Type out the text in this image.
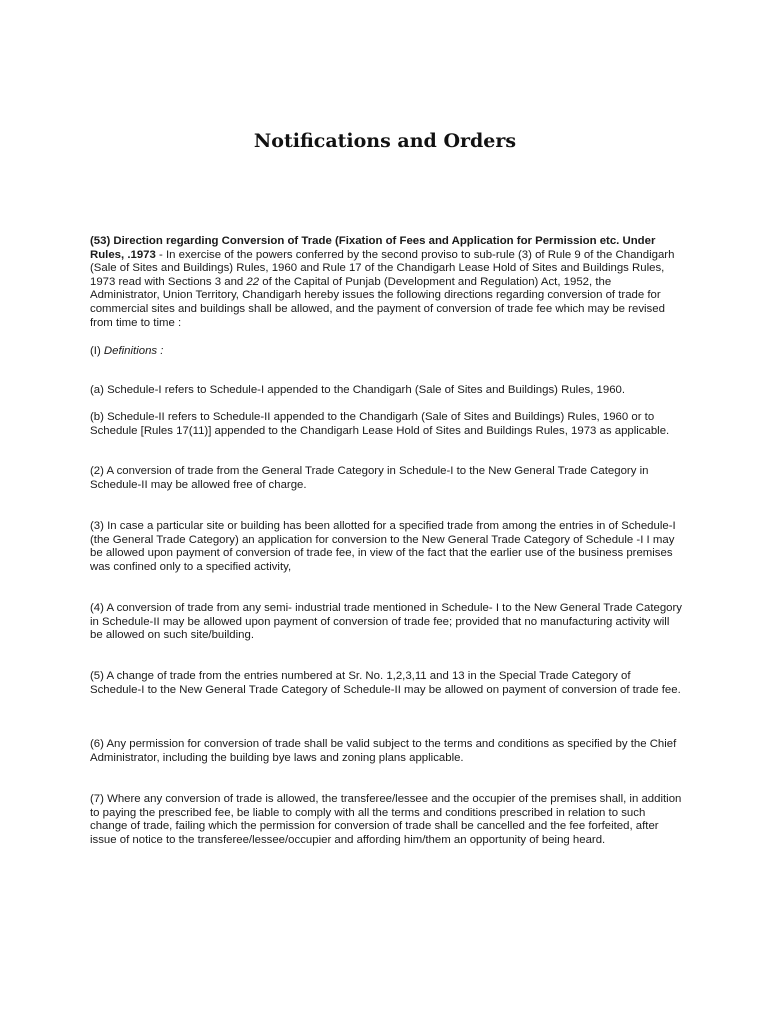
Notifications and Orders

(53) Direction regarding Conversion of Trade (Fixation of Fees and Application for Permission etc. Under Rules, .1973 - In exercise of the powers conferred by the second proviso to sub-rule (3) of Rule 9 of the Chandigarh (Sale of Sites and Buildings) Rules, 1960 and Rule 17 of the Chandigarh Lease Hold of Sites and Buildings Rules, 1973 read with Sections 3 and 22 of the Capital of Punjab (Development and Regulation) Act, 1952, the Administrator, Union Territory, Chandigarh hereby issues the following directions regarding conversion of trade for commercial sites and buildings shall be allowed, and the payment of conversion of trade fee which may be revised from time to time :

(I) Definitions :

(a) Schedule-I refers to Schedule-I appended to the Chandigarh (Sale of Sites and Buildings) Rules, 1960.

(b) Schedule-II refers to Schedule-II appended to the Chandigarh (Sale of Sites and Buildings) Rules, 1960 or to Schedule [Rules 17(11)] appended to the Chandigarh Lease Hold of Sites and Buildings Rules, 1973 as applicable.

(2) A conversion of trade from the General Trade Category in Schedule-I to the New General Trade Category in Schedule-II may be allowed free of charge.

(3) In case a particular site or building has been allotted for a specified trade from among the entries in of Schedule-I (the General Trade Category) an application for conversion to the New General Trade Category of Schedule -I I may be allowed upon payment of conversion of trade fee, in view of the fact that the earlier use of the business premises was confined only to a specified activity,

(4) A conversion of trade from any semi- industrial trade mentioned in Schedule- I to the New General Trade Category in Schedule-II may be allowed upon payment of conversion of trade fee; provided that no manufacturing activity will be allowed on such site/building.

(5) A change of trade from the entries numbered at Sr. No. 1,2,3,11 and 13 in the Special Trade Category of Schedule-I to the New General Trade Category of Schedule-II may be allowed on payment of conversion of trade fee.

(6) Any permission for conversion of trade shall be valid subject to the terms and conditions as specified by the Chief Administrator, including the building bye laws and zoning plans applicable.

(7) Where any conversion of trade is allowed, the transferee/lessee and the occupier of the premises shall, in addition to paying the prescribed fee, be liable to comply with all the terms and conditions prescribed in relation to such change of trade, failing which the permission for conversion of trade shall be cancelled and the fee forfeited, after issue of notice to the transferee/lessee/occupier and affording him/them an opportunity of being heard.
